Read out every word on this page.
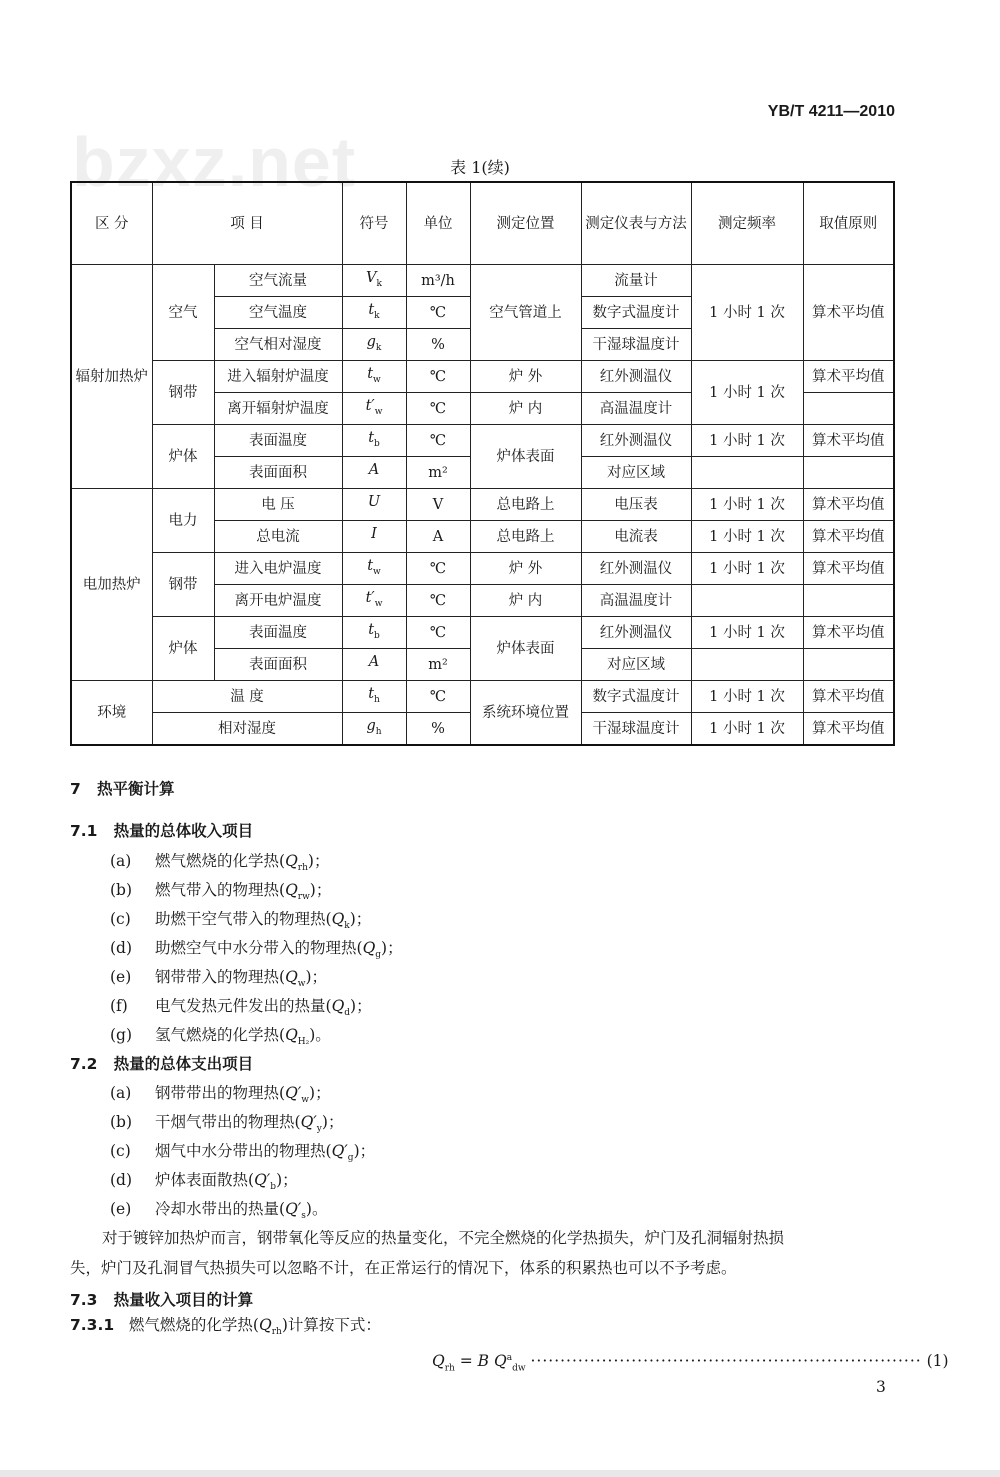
YB/T 4211—2010
bzxz.net	表 1(续)
区 分	项 目		符号	单位	测定位置	测定仪表与方法	测定频率	取值原则
辐射加热炉	空气	空气流量	$V_k$	m³/h	空气管道上	流量计	1 小时 1 次	算术平均值
		空气温度	$t_k$	℃		数字式温度计		
		空气相对湿度	$g_k$	%		干湿球温度计		
	钢带	进入辐射炉温度	$t_w$	℃	炉 外	红外测温仪	1 小时 1 次	算术平均值
		离开辐射炉温度	$t'_w$	℃	炉 内	高温温度计		
	炉体	表面温度	$t_b$	℃	炉体表面	红外测温仪	1 小时 1 次	算术平均值
		表面面积	A	m²		对应区域		
电加热炉	电力	电 压	U	V	总电路上	电压表	1 小时 1 次	算术平均值
		总电流	I	A	总电路上	电流表	1 小时 1 次	算术平均值
	钢带	进入电炉温度	$t_w$	℃	炉 外	红外测温仪	1 小时 1 次	算术平均值
		离开电炉温度	$t'_w$	℃	炉 内	高温温度计		
	炉体	表面温度	$t_b$	℃	炉体表面	红外测温仪	1 小时 1 次	算术平均值
		表面面积	A	m²		对应区域		
环境	温 度		$t_h$	℃	系统环境位置	数字式温度计	1 小时 1 次	算术平均值
	相对湿度		$g_h$	%		干湿球温度计	1 小时 1 次	算术平均值
7 热平衡计算
7.1 热量的总体收入项目
(a) 燃气燃烧的化学热$(Q_{rh})$；
(b) 燃气带入的物理热$(Q_{rw})$；
(c) 助燃干空气带入的物理热$(Q_k)$；
(d) 助燃空气中水分带入的物理热$(Q_g)$；
(e) 钢带带入的物理热$(Q_w)$；
(f) 电气发热元件发出的热量$(Q_d)$；
(g) 氢气燃烧的化学热$(Q_{H_2})$。
7.2 热量的总体支出项目
(a) 钢带带出的物理热$(Q'_w)$；
(b) 干烟气带出的物理热$(Q'_y)$；
(c) 烟气中水分带出的物理热$(Q'_g)$；
(d) 炉体表面散热$(Q'_b)$；
(e) 冷却水带出的热量$(Q'_s)$。
对于镀锌加热炉而言，钢带氧化等反应的热量变化，不完全燃烧的化学热损失，炉门及孔洞辐射热损
失，炉门及孔洞冒气热损失可以忽略不计，在正常运行的情况下，体系的积累热也可以不予考虑。
7.3 热量收入项目的计算
7.3.1 燃气燃烧的化学热$(Q_{rh})$计算按下式：
$Q_{rh} = B$ $Q^a_{dw}$ ·································································· (1)
3
